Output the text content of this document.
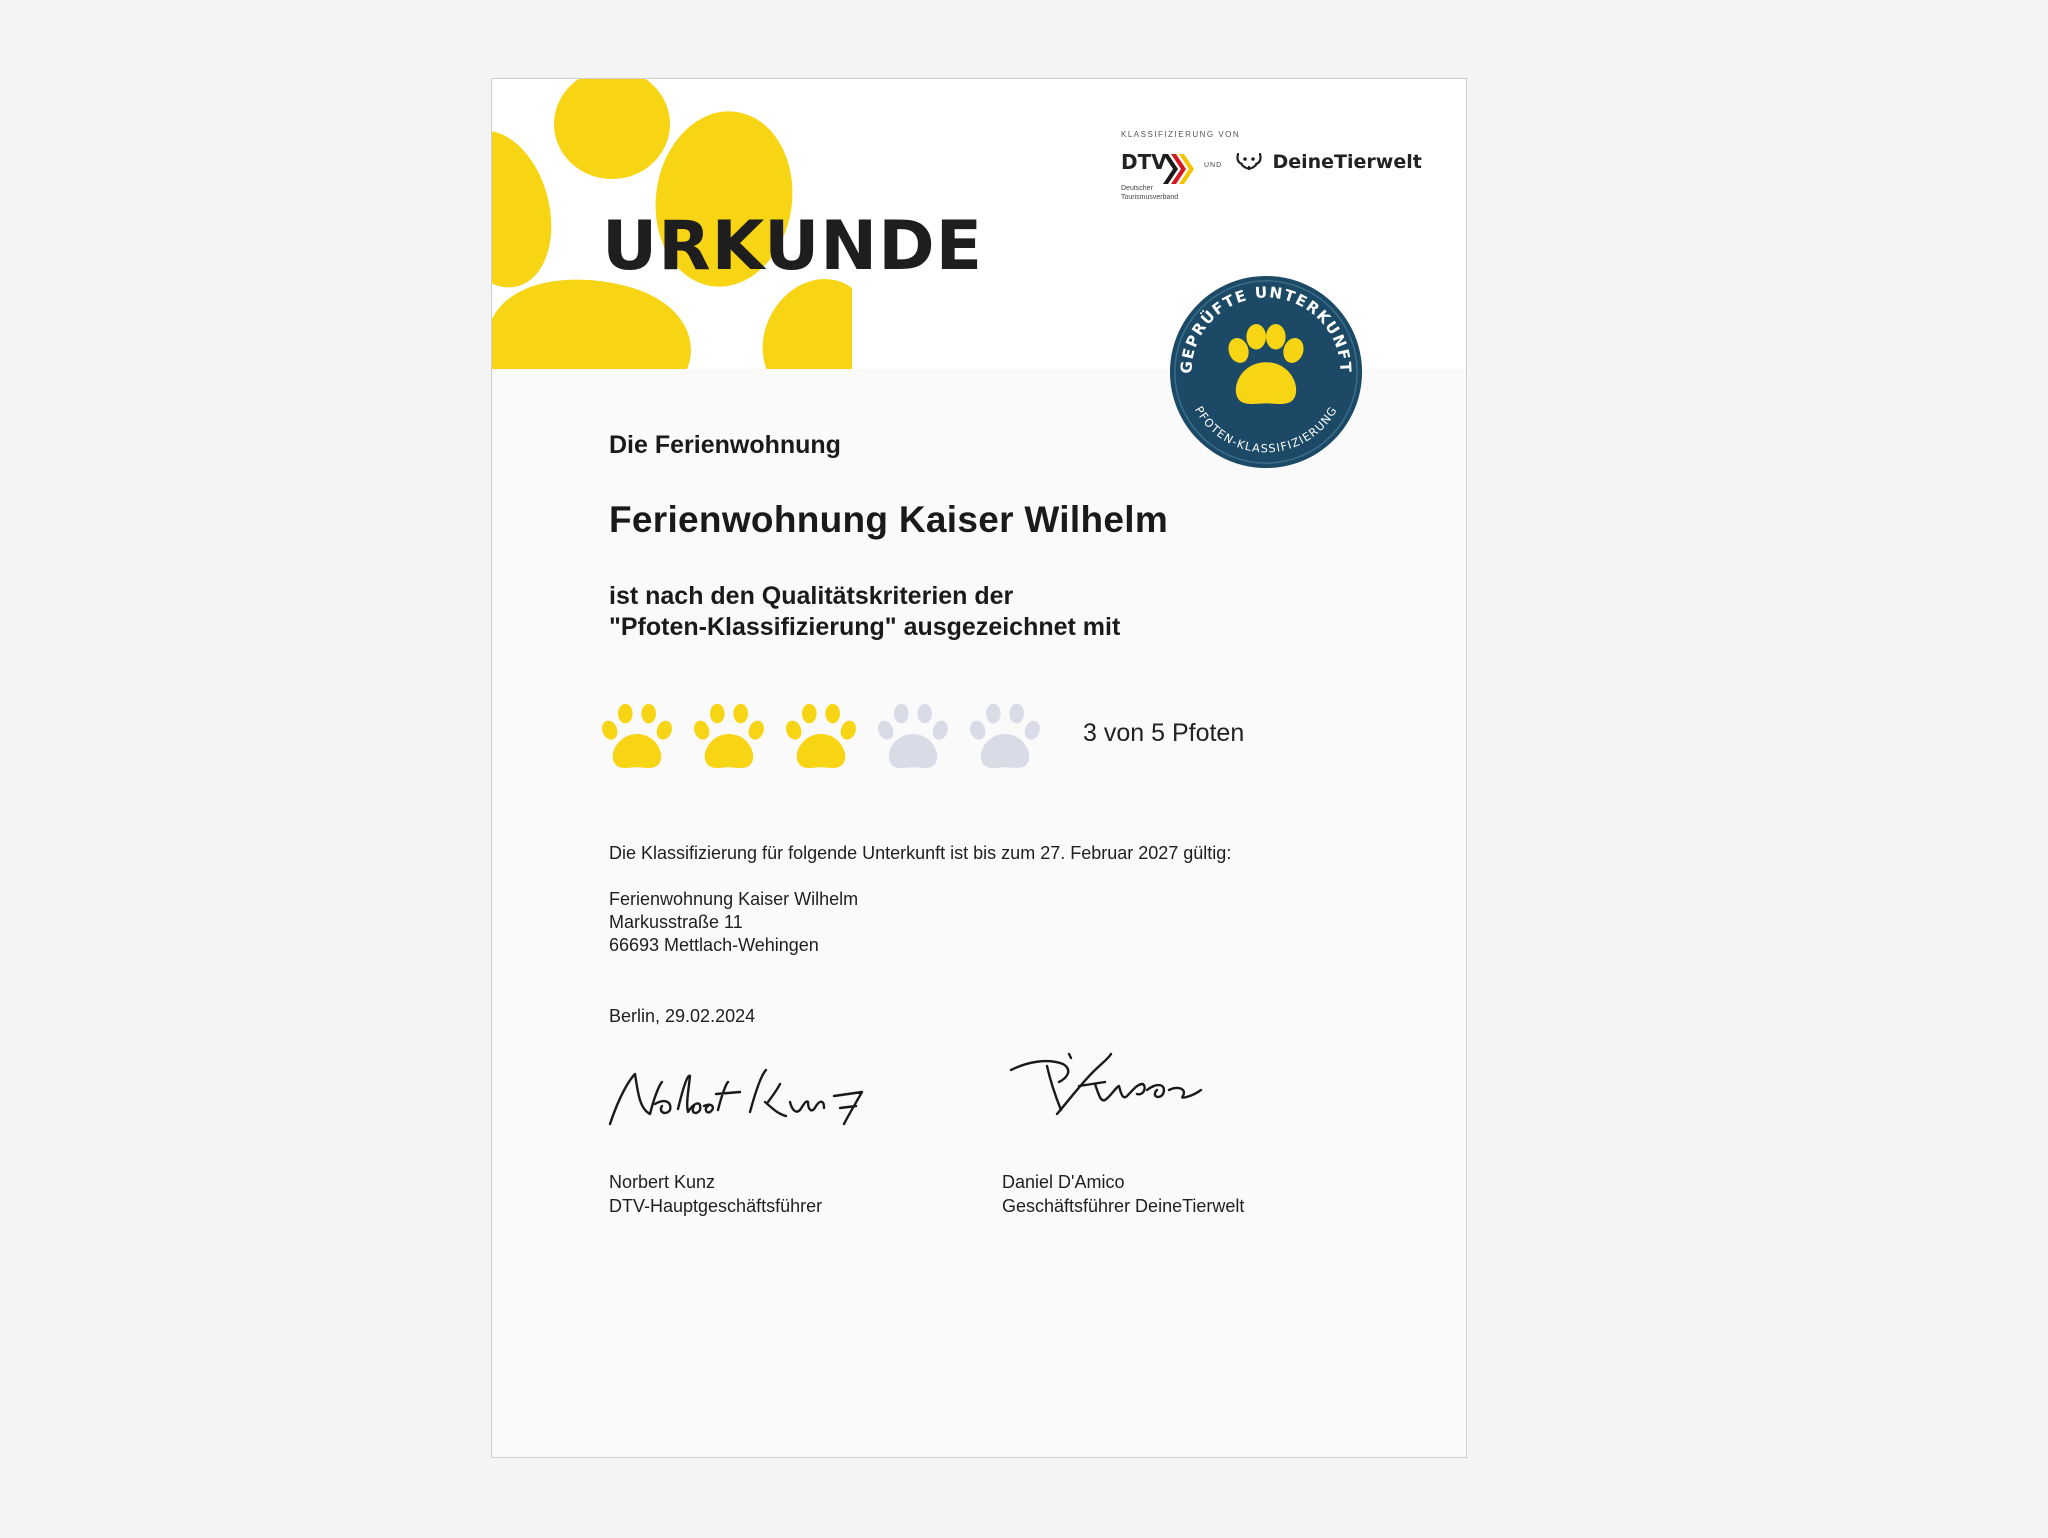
URKUNDE
KLASSIFIZIERUNG VON
DTV
Deutscher Tourismusverband
UND	DeineTierwelt
GEPRÜFTE UNTERKUNFT
PFOTEN-KLASSIFIZIERUNG

Die Ferienwohnung

Ferienwohnung Kaiser Wilhelm

ist nach den Qualitätskriterien der
"Pfoten-Klassifizierung" ausgezeichnet mit

3 von 5 Pfoten

Die Klassifizierung für folgende Unterkunft ist bis zum 27. Februar 2027 gültig:

Ferienwohnung Kaiser Wilhelm
Markusstraße 11
66693 Mettlach-Wehingen

Berlin, 29.02.2024

Norbert Kunz
DTV-Hauptgeschäftsführer
Daniel D'Amico
Geschäftsführer DeineTierwelt
